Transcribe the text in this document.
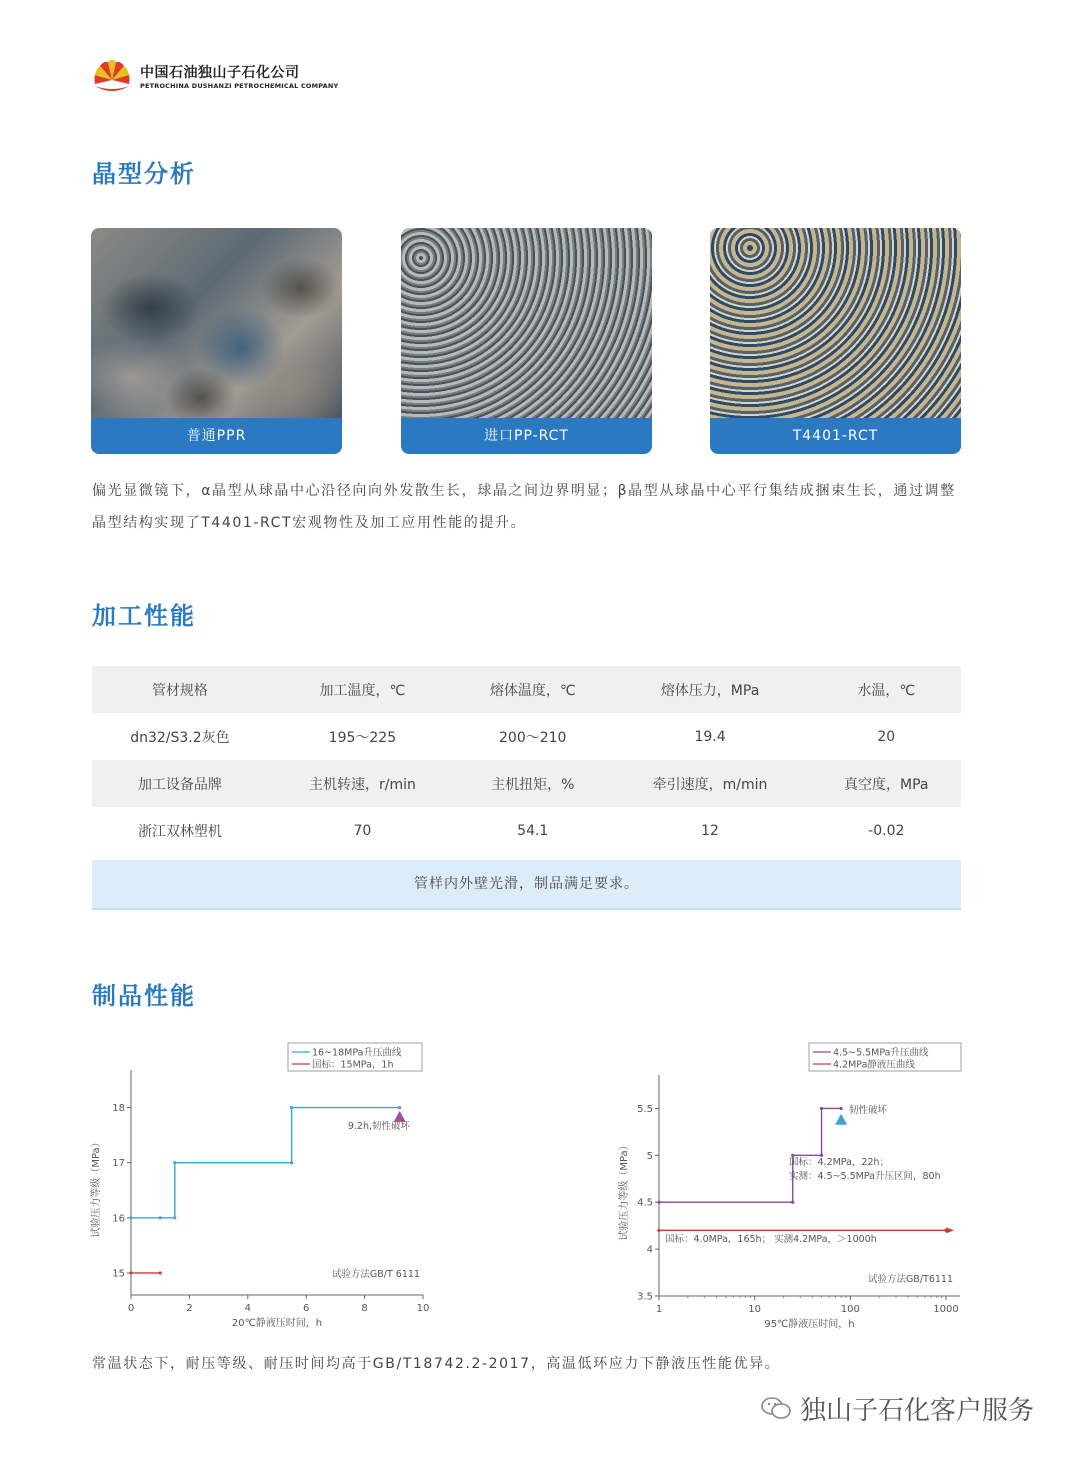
中国石油独山子石化公司
PETROCHINA DUSHANZI PETROCHEMICAL COMPANY
晶型分析
普通PPR	进口PP-RCT	T4401-RCT
偏光显微镜下，α晶型从球晶中心沿径向向外发散生长，球晶之间边界明显；β晶型从球晶中心平行集结成捆束生长，通过调整
晶型结构实现了T4401-RCT宏观物性及加工应用性能的提升。
加工性能
管材规格	加工温度，℃	熔体温度，℃	熔体压力，MPa	水温，℃
dn32/S3.2灰色	195～225	200～210	19.4	20
加工设备品牌	主机转速，r/min	主机扭矩，%	牵引速度，m/min	真空度，MPa
浙江双林塑机	70	54.1	12	-0.02
管样内外壁光滑，制品满足要求。
制品性能
0	2	4	6	8	10
15
16
17
18
20℃静液压时间，h
试验压力等级（MPa）
16~18MPa升压曲线
国标：15MPa，1h
9.2h,韧性破坏
试验方法GB/T 6111
1	10	100	1000
3.5
4
4.5
5
5.5
95℃静液压时间，h
试验压力等级（MPa）
4.5~5.5MPa升压曲线
4.2MPa静液压曲线
韧性破坏
国标：4.2MPa，22h；
实测：4.5~5.5MPa升压区间，80h
国标：4.0MPa，165h； 实测4.2MPa，＞1000h
试验方法GB/T6111
常温状态下，耐压等级、耐压时间均高于GB/T18742.2-2017，高温低环应力下静液压性能优异。
独山子石化客户服务
